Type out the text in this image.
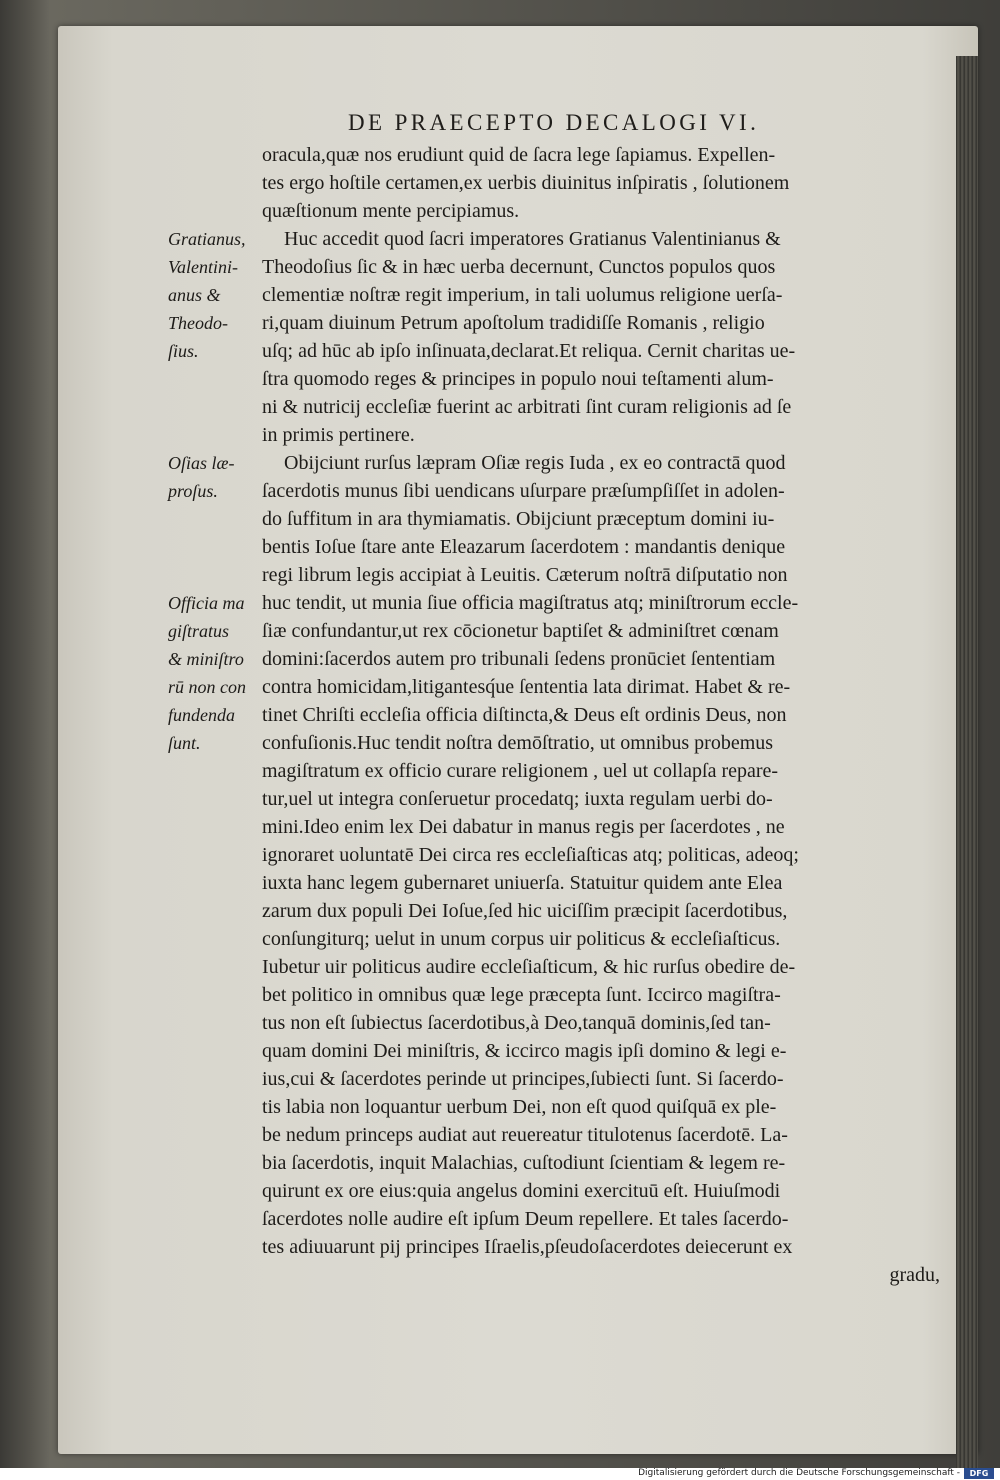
DE PRAECEPTO DECALOGI VI.
oracula,quæ nos erudiunt quid de ſacra lege ſapiamus. Expellen-
tes ergo hoſtile certamen,ex uerbis diuinitus inſpiratis , ſolutionem
quæſtionum mente percipiamus.
Huc accedit quod ſacri imperatores Gratianus Valentinianus &
Theodoſius ſic & in hæc uerba decernunt, Cunctos populos quos
clementiæ noſtræ regit imperium, in tali uolumus religione uerſa-
ri,quam diuinum Petrum apoſtolum tradidiſſe Romanis , religio
uſq; ad hūc ab ipſo inſinuata,declarat.Et reliqua. Cernit charitas ue-
ſtra quomodo reges & principes in populo noui teſtamenti alum-
ni & nutricij eccleſiæ fuerint ac arbitrati ſint curam religionis ad ſe
in primis pertinere.
Obijciunt rurſus læpram Oſiæ regis Iuda , ex eo contractā quod
ſacerdotis munus ſibi uendicans uſurpare præſumpſiſſet in adolen-
do ſuffitum in ara thymiamatis. Obijciunt præceptum domini iu-
bentis Ioſue ſtare ante Eleazarum ſacerdotem : mandantis denique
regi librum legis accipiat à Leuitis. Cæterum noſtrā diſputatio non
huc tendit, ut munia ſiue officia magiſtratus atq; miniſtrorum eccle-
ſiæ confundantur,ut rex cōcionetur baptiſet & adminiſtret cœnam
domini:ſacerdos autem pro tribunali ſedens pronūciet ſententiam
contra homicidam,litigantesq́ue ſententia lata dirimat. Habet & re-
tinet Chriſti eccleſia officia diſtincta,& Deus eſt ordinis Deus, non
confuſionis.Huc tendit noſtra demōſtratio, ut omnibus probemus
magiſtratum ex officio curare religionem , uel ut collapſa repare-
tur,uel ut integra conſeruetur procedatq; iuxta regulam uerbi do-
mini.Ideo enim lex Dei dabatur in manus regis per ſacerdotes , ne
ignoraret uoluntatē Dei circa res eccleſiaſticas atq; politicas, adeoq;
iuxta hanc legem gubernaret uniuerſa. Statuitur quidem ante Elea
zarum dux populi Dei Ioſue,ſed hic uiciſſim præcipit ſacerdotibus,
conſungiturq; uelut in unum corpus uir politicus & eccleſiaſticus.
Iubetur uir politicus audire eccleſiaſticum, & hic rurſus obedire de-
bet politico in omnibus quæ lege præcepta ſunt. Iccirco magiſtra-
tus non eſt ſubiectus ſacerdotibus,à Deo,tanquā dominis,ſed tan-
quam domini Dei miniſtris, & iccirco magis ipſi domino & legi e-
ius,cui & ſacerdotes perinde ut principes,ſubiecti ſunt. Si ſacerdo-
tis labia non loquantur uerbum Dei, non eſt quod quiſquā ex ple-
be nedum princeps audiat aut reuereatur titulotenus ſacerdotē. La-
bia ſacerdotis, inquit Malachias, cuſtodiunt ſcientiam & legem re-
quirunt ex ore eius:quia angelus domini exercituū eſt. Huiuſmodi
ſacerdotes nolle audire eſt ipſum Deum repellere. Et tales ſacerdo-
tes adiuuarunt pij principes Iſraelis,pſeudoſacerdotes deiecerunt ex
gradu,
Gratianus,
Valentini-
anus &
Theodo-
ſius.
Oſias læ-
proſus.
Officia ma
giſtratus
& miniſtro
rū non con
fundenda
ſunt.
Digitalisierung gefördert durch die Deutsche Forschungsgemeinschaft -	DFG
